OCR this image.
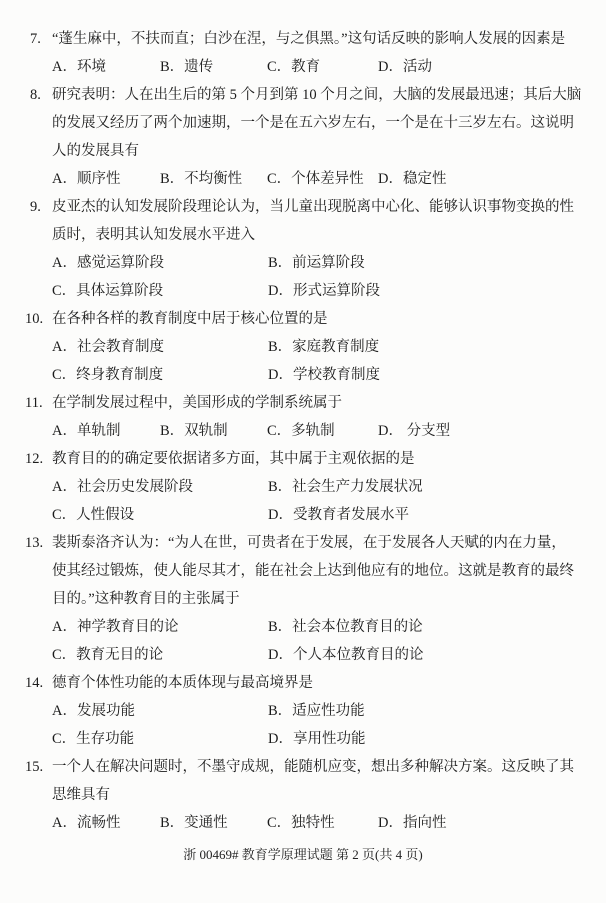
7. “蓬生麻中，不扶而直；白沙在涅，与之俱黑。”这句话反映的影响人发展的因素是
A．环境	B．遗传	C．教育	D．活动
8. 研究表明：人在出生后的第 5 个月到第 10 个月之间，大脑的发展最迅速；其后大脑
的发展又经历了两个加速期，一个是在五六岁左右，一个是在十三岁左右。这说明
人的发展具有
A．顺序性	B．不均衡性	C．个体差异性 D．稳定性
9. 皮亚杰的认知发展阶段理论认为，当儿童出现脱离中心化、能够认识事物变换的性
质时，表明其认知发展水平进入
A．感觉运算阶段	B．前运算阶段
C．具体运算阶段	D．形式运算阶段
10. 在各种各样的教育制度中居于核心位置的是
A．社会教育制度	B．家庭教育制度
C．终身教育制度	D．学校教育制度
11. 在学制发展过程中，美国形成的学制系统属于
A．单轨制	B．双轨制	C．多轨制	D． 分支型
12. 教育目的的确定要依据诸多方面，其中属于主观依据的是
A．社会历史发展阶段	B．社会生产力发展状况
C．人性假设	D．受教育者发展水平
13. 裴斯泰洛齐认为：“为人在世，可贵者在于发展，在于发展各人天赋的内在力量，
使其经过锻炼，使人能尽其才，能在社会上达到他应有的地位。这就是教育的最终
目的。”这种教育目的主张属于
A．神学教育目的论	B．社会本位教育目的论
C．教育无目的论	D．个人本位教育目的论
14. 德育个体性功能的本质体现与最高境界是
A．发展功能	B．适应性功能
C．生存功能	D．享用性功能
15. 一个人在解决问题时，不墨守成规，能随机应变，想出多种解决方案。这反映了其
思维具有
A．流畅性	B．变通性	C．独特性	D．指向性
浙 00469# 教育学原理试题 第 2 页(共 4 页)
